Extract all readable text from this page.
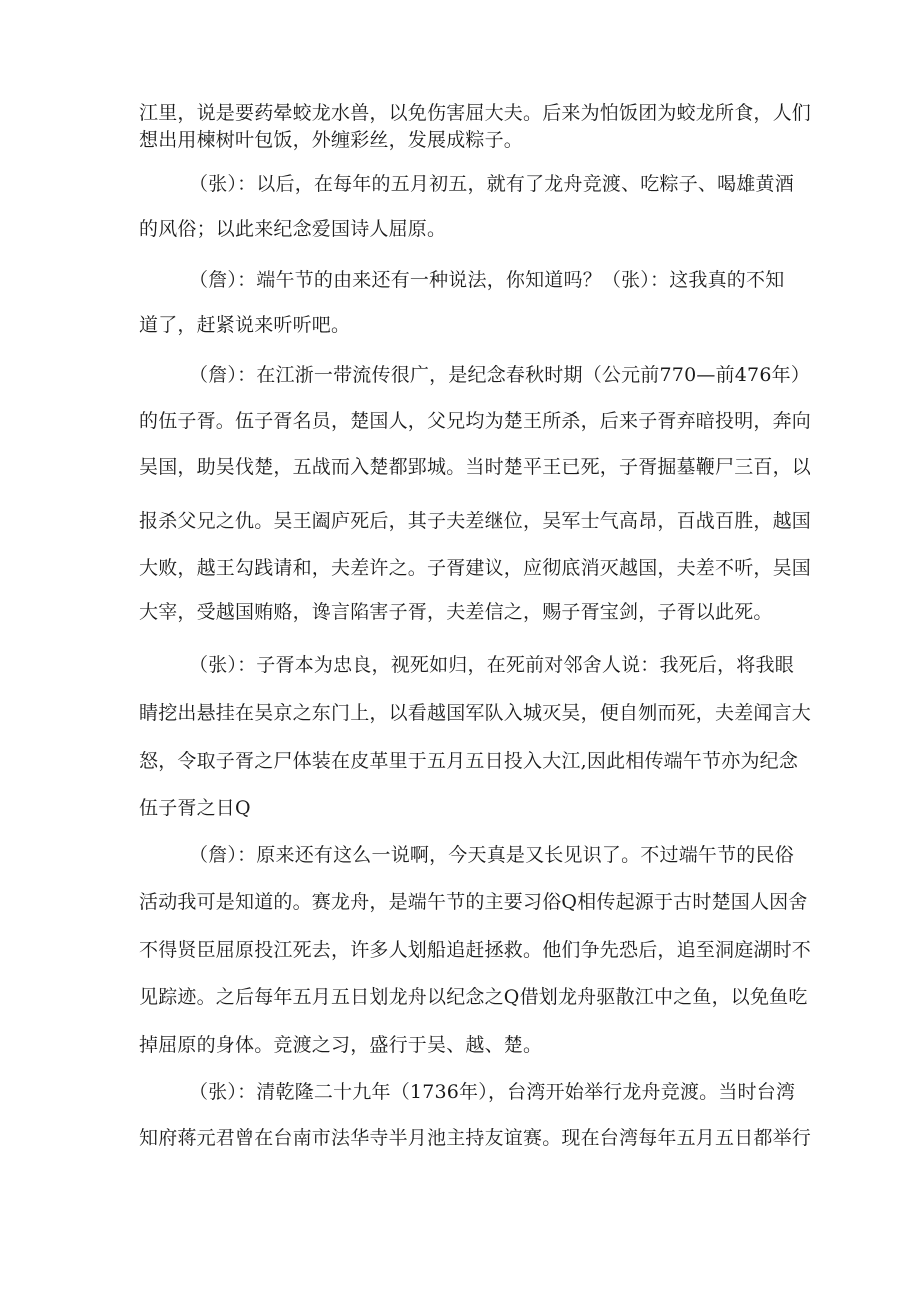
江里，说是要药晕蛟龙水兽，以免伤害屈大夫。后来为怕饭团为蛟龙所食，人们
想出用楝树叶包饭，外缠彩丝，发展成粽子。
（张）：以后，在每年的五月初五，就有了龙舟竞渡、吃粽子、喝雄黄酒
的风俗；以此来纪念爱国诗人屈原。
（詹）：端午节的由来还有一种说法，你知道吗？（张）：这我真的不知
道了，赶紧说来听听吧。
（詹）：在江浙一带流传很广，是纪念春秋时期（公元前770—前476年）
的伍子胥。伍子胥名员，楚国人，父兄均为楚王所杀，后来子胥弃暗投明，奔向
吴国，助吴伐楚，五战而入楚都郢城。当时楚平王已死，子胥掘墓鞭尸三百，以
报杀父兄之仇。吴王阖庐死后，其子夫差继位，吴军士气高昂，百战百胜，越国
大败，越王勾践请和，夫差许之。子胥建议，应彻底消灭越国，夫差不听，吴国
大宰，受越国贿赂，谗言陷害子胥，夫差信之，赐子胥宝剑，子胥以此死。
（张）：子胥本为忠良，视死如归，在死前对邻舍人说：我死后，将我眼
睛挖出悬挂在吴京之东门上，以看越国军队入城灭吴，便自刎而死，夫差闻言大
怒，令取子胥之尸体装在皮革里于五月五日投入大江,因此相传端午节亦为纪念
伍子胥之日Q
（詹）：原来还有这么一说啊，今天真是又长见识了。不过端午节的民俗
活动我可是知道的。赛龙舟，是端午节的主要习俗Q相传起源于古时楚国人因舍
不得贤臣屈原投江死去，许多人划船追赶拯救。他们争先恐后，追至洞庭湖时不
见踪迹。之后每年五月五日划龙舟以纪念之Q借划龙舟驱散江中之鱼，以免鱼吃
掉屈原的身体。竞渡之习，盛行于吴、越、楚。
（张）：清乾隆二十九年（1736年），台湾开始举行龙舟竞渡。当时台湾
知府蒋元君曾在台南市法华寺半月池主持友谊赛。现在台湾每年五月五日都举行
